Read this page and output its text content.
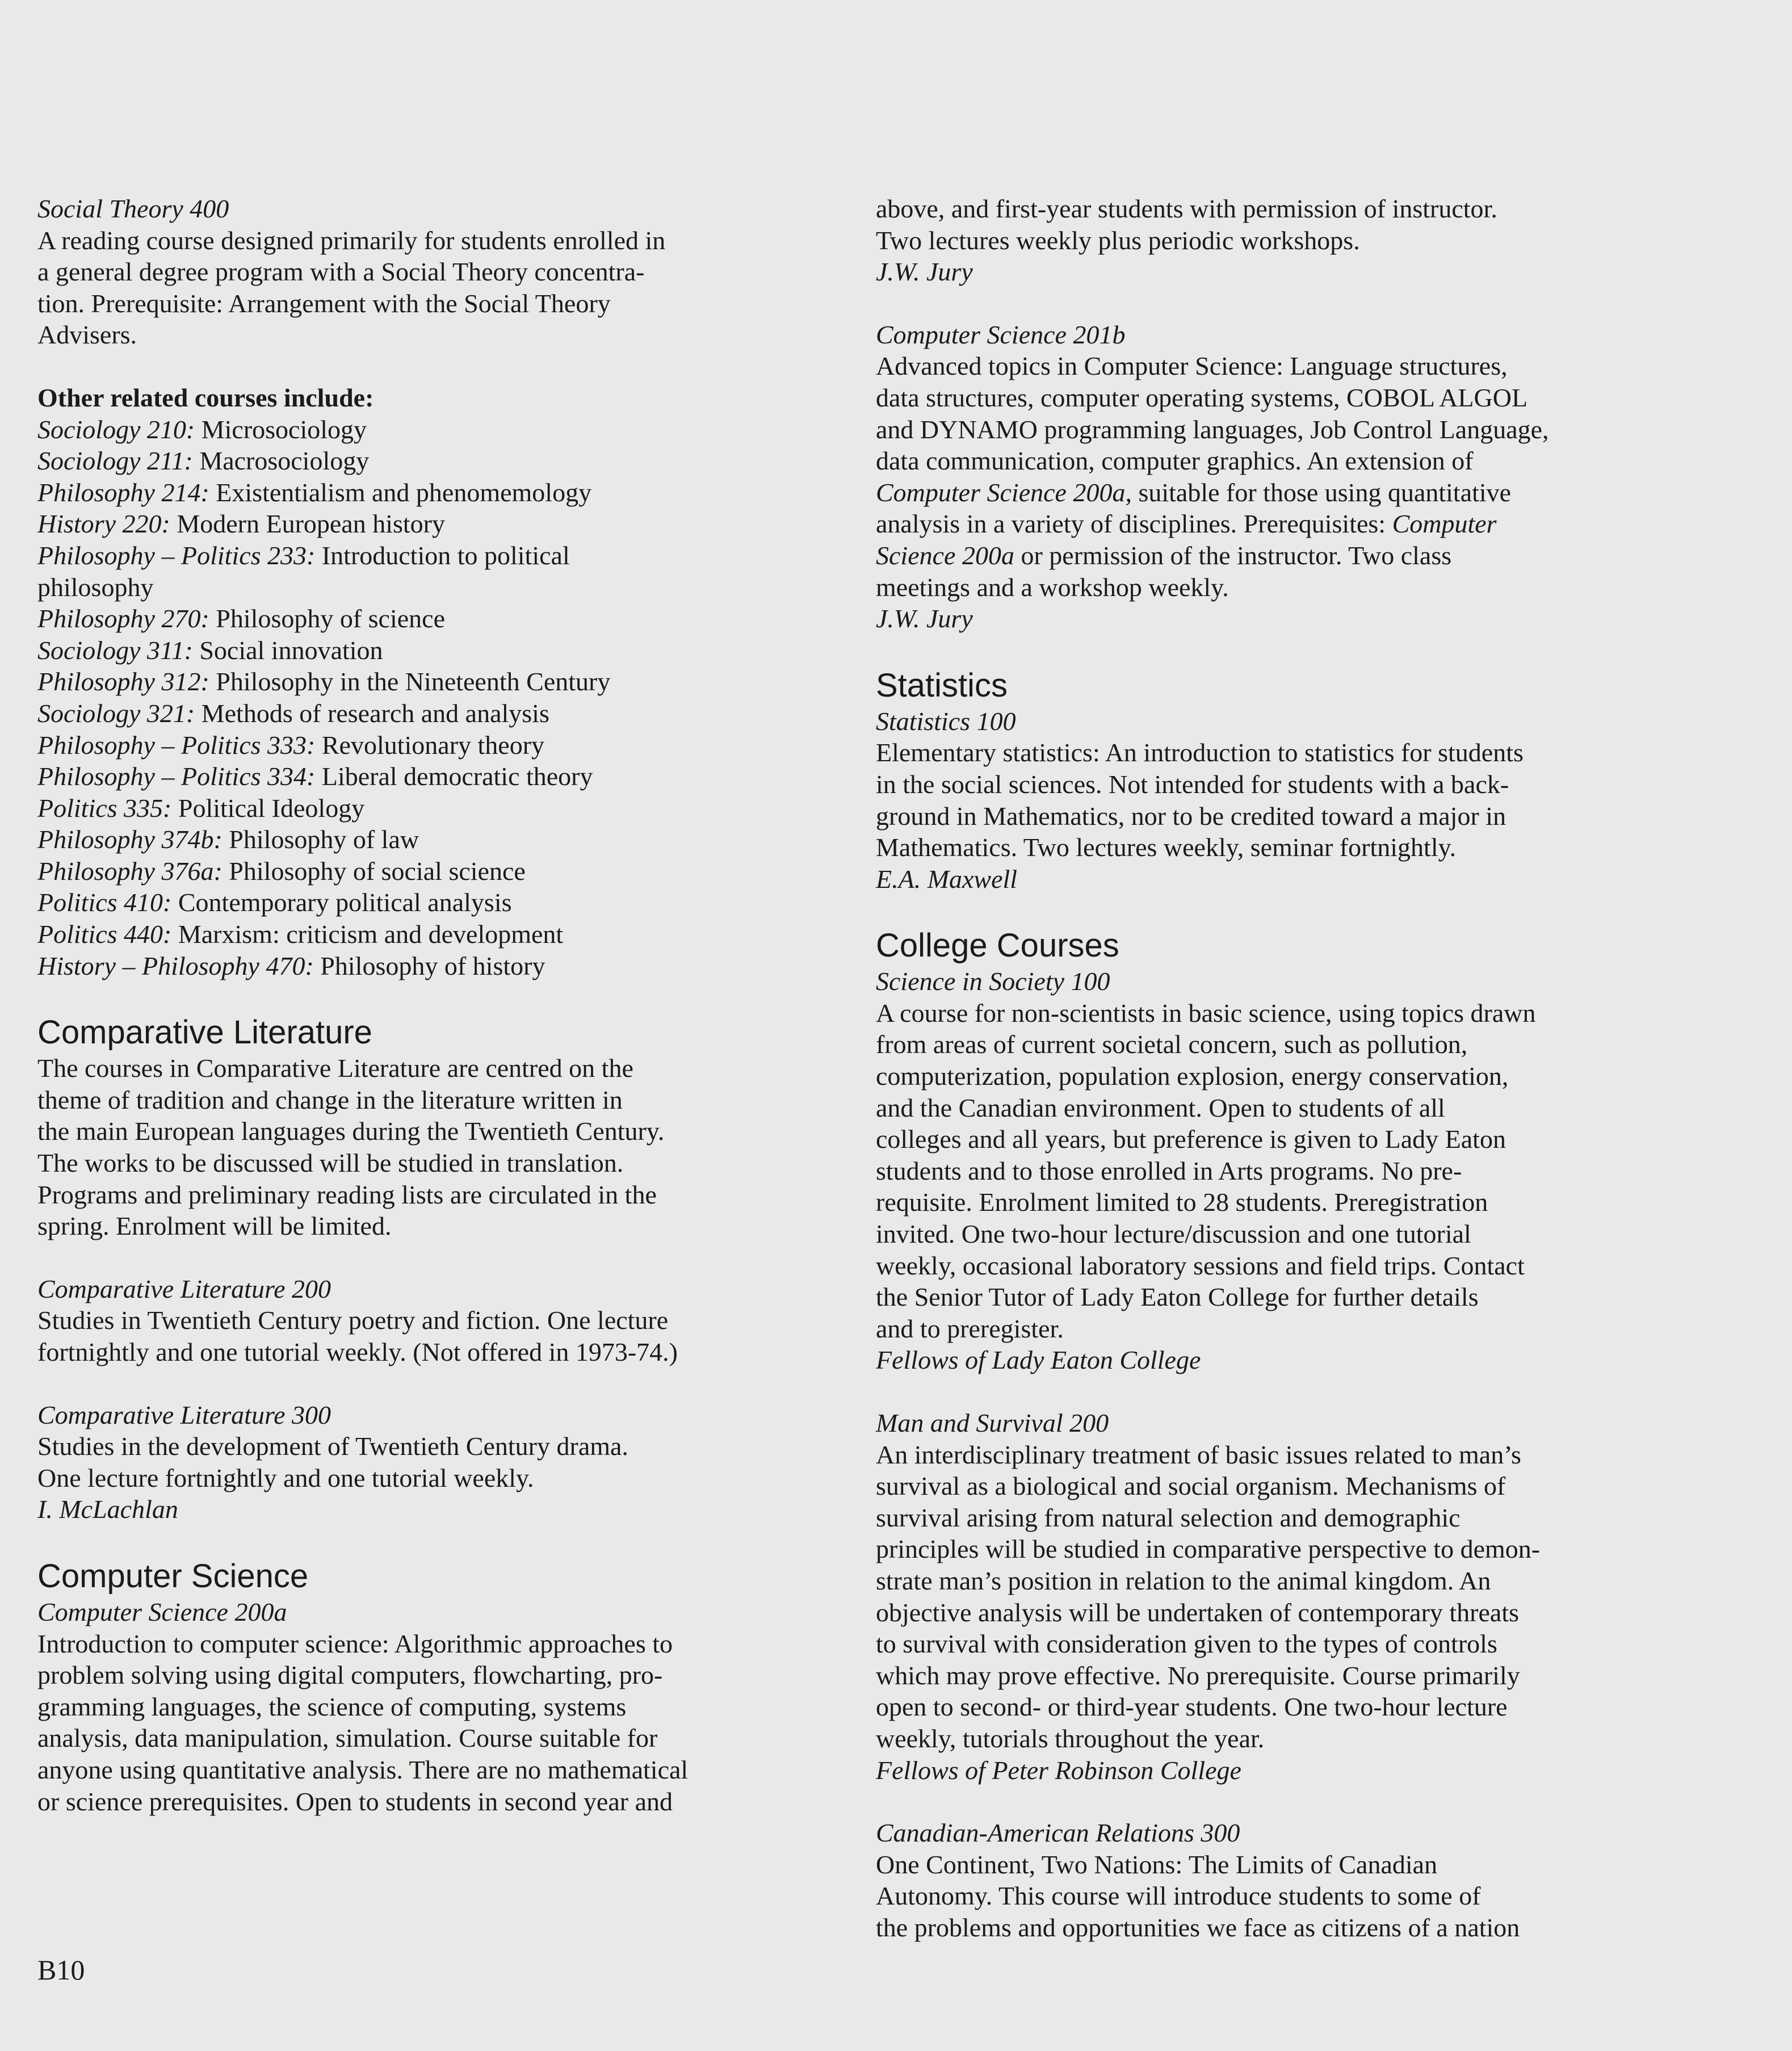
Social Theory 400

A reading course designed primarily for students enrolled in

a general degree program with a Social Theory concentra-

tion. Prerequisite: Arrangement with the Social Theory

Advisers.

Other related courses include:

Sociology 210: Microsociology

Sociology 211: Macrosociology

Philosophy 214: Existentialism and phenomemology

History 220: Modern European history

Philosophy – Politics 233: Introduction to political

philosophy

Philosophy 270: Philosophy of science

Sociology 311: Social innovation

Philosophy 312: Philosophy in the Nineteenth Century

Sociology 321: Methods of research and analysis

Philosophy – Politics 333: Revolutionary theory

Philosophy – Politics 334: Liberal democratic theory

Politics 335: Political Ideology

Philosophy 374b: Philosophy of law

Philosophy 376a: Philosophy of social science

Politics 410: Contemporary political analysis

Politics 440: Marxism: criticism and development

History – Philosophy 470: Philosophy of history

Comparative Literature

The courses in Comparative Literature are centred on the

theme of tradition and change in the literature written in

the main European languages during the Twentieth Century.

The works to be discussed will be studied in translation.

Programs and preliminary reading lists are circulated in the

spring. Enrolment will be limited.

Comparative Literature 200

Studies in Twentieth Century poetry and fiction. One lecture

fortnightly and one tutorial weekly. (Not offered in 1973-74.)

Comparative Literature 300

Studies in the development of Twentieth Century drama.

One lecture fortnightly and one tutorial weekly.

I. McLachlan

Computer Science

Computer Science 200a

Introduction to computer science: Algorithmic approaches to

problem solving using digital computers, flowcharting, pro-

gramming languages, the science of computing, systems

analysis, data manipulation, simulation. Course suitable for

anyone using quantitative analysis. There are no mathematical

or science prerequisites. Open to students in second year and

above, and first-year students with permission of instructor.

Two lectures weekly plus periodic workshops.

J.W. Jury

Computer Science 201b

Advanced topics in Computer Science: Language structures,

data structures, computer operating systems, COBOL ALGOL

and DYNAMO programming languages, Job Control Language,

data communication, computer graphics. An extension of

Computer Science 200a, suitable for those using quantitative

analysis in a variety of disciplines. Prerequisites: Computer

Science 200a or permission of the instructor. Two class

meetings and a workshop weekly.

J.W. Jury

Statistics

Statistics 100

Elementary statistics: An introduction to statistics for students

in the social sciences. Not intended for students with a back-

ground in Mathematics, nor to be credited toward a major in

Mathematics. Two lectures weekly, seminar fortnightly.

E.A. Maxwell

College Courses

Science in Society 100

A course for non-scientists in basic science, using topics drawn

from areas of current societal concern, such as pollution,

computerization, population explosion, energy conservation,

and the Canadian environment. Open to students of all

colleges and all years, but preference is given to Lady Eaton

students and to those enrolled in Arts programs. No pre-

requisite. Enrolment limited to 28 students. Preregistration

invited. One two-hour lecture/discussion and one tutorial

weekly, occasional laboratory sessions and field trips. Contact

the Senior Tutor of Lady Eaton College for further details

and to preregister.

Fellows of Lady Eaton College

Man and Survival 200

An interdisciplinary treatment of basic issues related to man’s

survival as a biological and social organism. Mechanisms of

survival arising from natural selection and demographic

principles will be studied in comparative perspective to demon-

strate man’s position in relation to the animal kingdom. An

objective analysis will be undertaken of contemporary threats

to survival with consideration given to the types of controls

which may prove effective. No prerequisite. Course primarily

open to second- or third-year students. One two-hour lecture

weekly, tutorials throughout the year.

Fellows of Peter Robinson College

Canadian-American Relations 300

One Continent, Two Nations: The Limits of Canadian

Autonomy. This course will introduce students to some of

the problems and opportunities we face as citizens of a nation

B10
